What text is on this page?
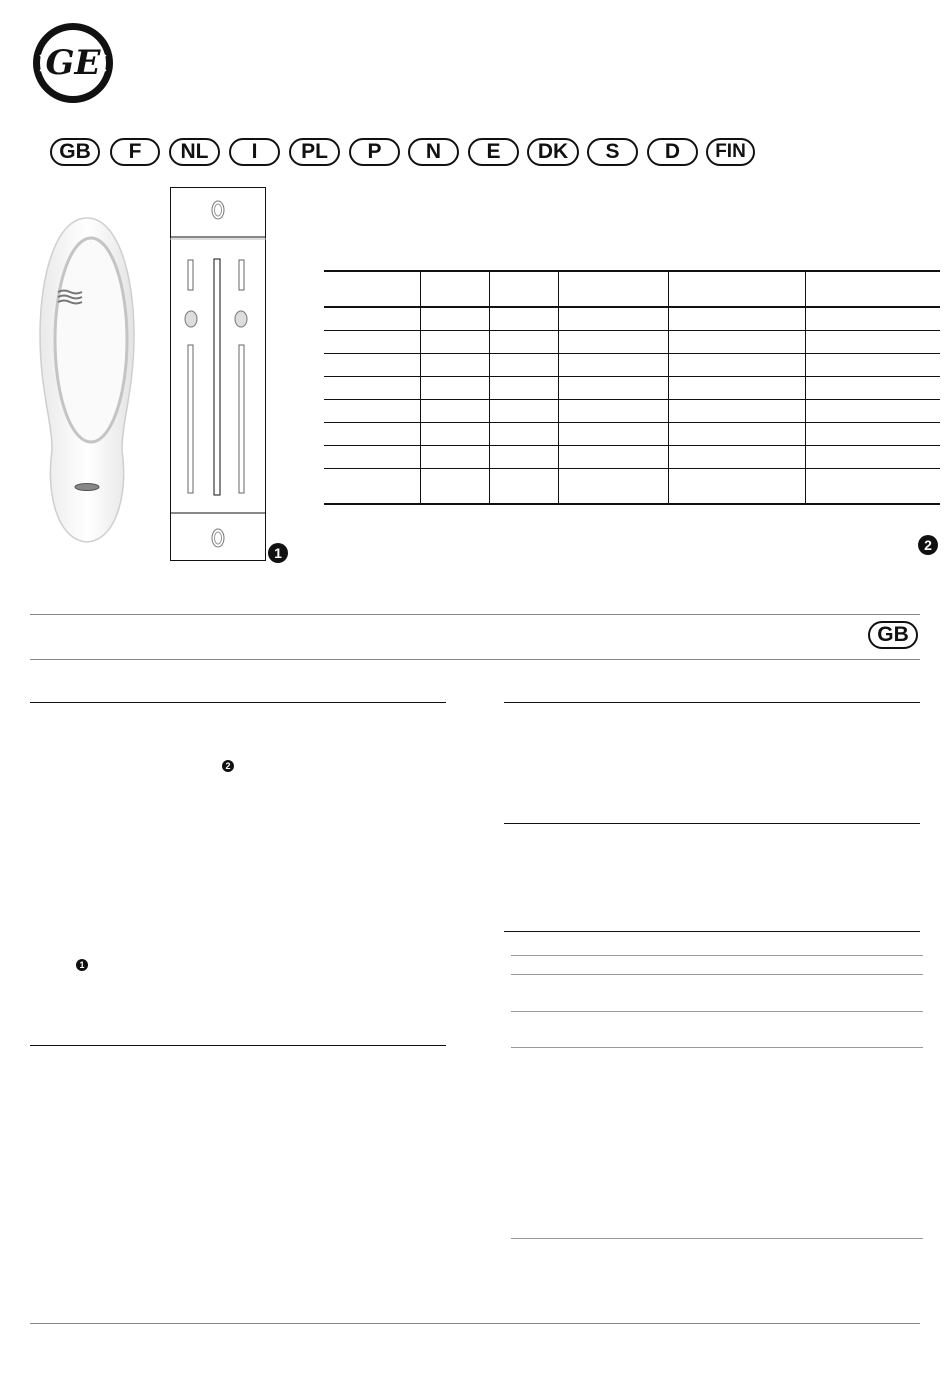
GE
GB	F	NL	I	PL	P	N	E	DK	S	D	FIN
1

						2
GB
2
1
